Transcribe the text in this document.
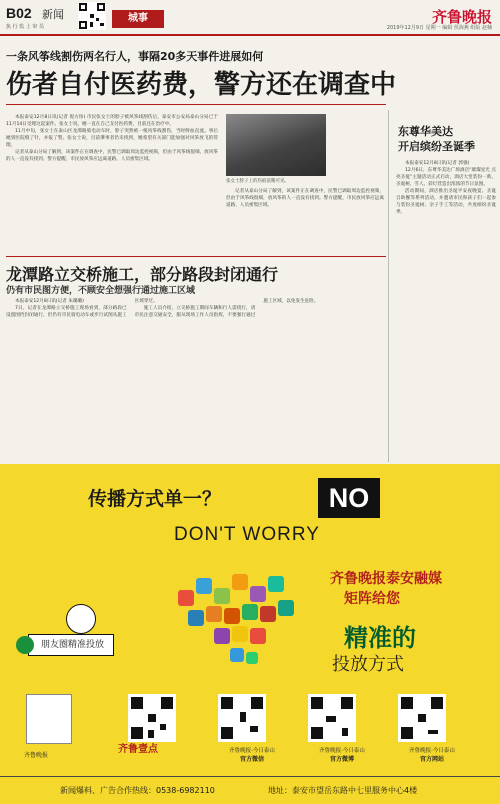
B02 新闻
执 行 监 上 审 员
城事	齐鲁晚报
2019年12月9日 星期一 编辑 侯海燕 组版 赵楠
一条风筝线割伤两名行人，事隔20多天事件进展如何
伤者自付医药费，警方还在调查中

本报泰安12月8日讯(记者 倪方珍) 市民张女士的脖子被风筝线割伤后，泰安市公安局泰山分局已于11月14日受理这起案件。张女士说，她一直在自己支付医药费，目前还在治疗中。

11月中旬，张女士在泰山区龙潭路骑电动车时，脖子突然被一根风筝线割伤，当时鲜血直流。事后她到医院缝了针，并报了警。张女士说，目前肇事者仍未找到，她希望有关部门能加强对风筝放飞的管理。

记者从泰山分局了解到，该案件正在调查中，民警已调取周边监控视频，但由于风筝线很细，放风筝的人一直没有找到。警方提醒，市民放风筝应远离道路、人员密集区域。

张女士脖子上的伤痕依稀可见。

记者从泰山分局了解到，该案件正在调查中，民警已调取周边监控视频，但由于风筝线很细，放风筝的人一直没有找到。警方提醒，市民放风筝应远离道路、人员密集区域。

东尊华美达
开启缤纷圣诞季

本报泰安12月8日讯(记者 郭强)

12月6日，东尊华美达广场酒店“璀璨星光 点亮圣诞”主题活动正式启动，酒店大堂装扮一新，圣诞树、雪人、彩灯营造出浓浓的节日氛围。

活动期间，酒店推出圣诞平安夜晚宴、圣诞自助餐等系列活动，并邀请市民和孩子们一起参与装扮圣诞树、亲子手工等活动，共度缤纷圣诞季。

龙潭路立交桥施工，部分路段封闭通行
仍有市民图方便，不顾安全想强行通过施工区域

本报泰安12月8日讯(记者 朱璐璐)

7日，记者在龙潭路立交桥施工现场看到，部分路段已设置围挡封闭通行，但仍有市民骑电动车或步行试图从施工区域穿过。

施工人员介绍，立交桥施工期间车辆和行人需绕行，请市民注意交通安全，服从现场工作人员指挥，不要强行通过施工区域，以免发生危险。

传播方式单一？	NO
DON'T WORRY
齐鲁晚报泰安融媒
矩阵给您
精准的
投放方式
朋友圈精准投放
齐鲁晚报
齐鲁晚报·今日泰山
官方微信
齐鲁晚报·今日泰山
官方微博
齐鲁晚报·今日泰山
官方网站
齐鲁壹点
新闻爆料、广告合作热线：0538-6982110	地址：泰安市望岳东路中七里服务中心4楼
